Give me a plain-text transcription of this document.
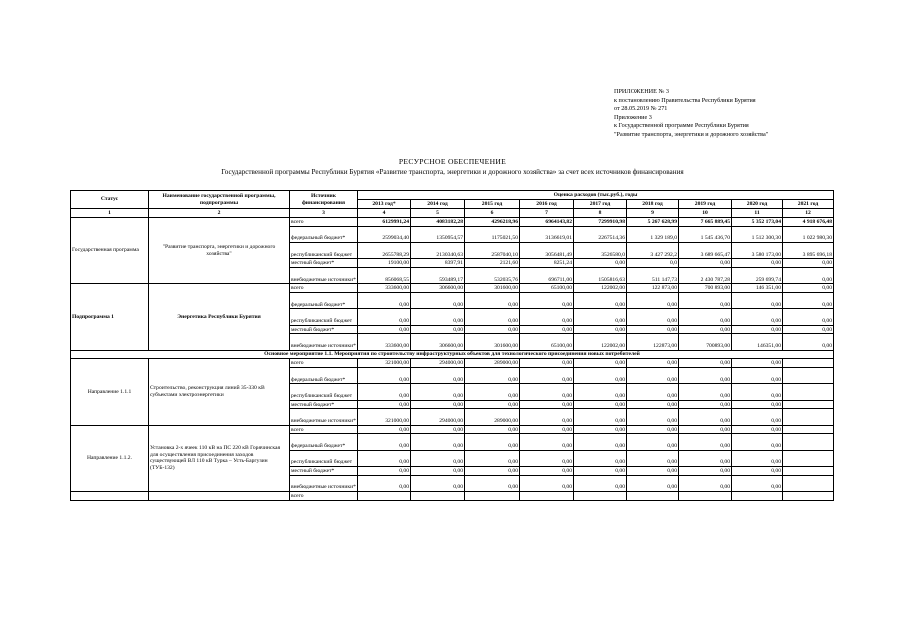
ПРИЛОЖЕНИЕ № 3
к постановлению Правительства Республики Бурятия
от 28.05.2019 № 271
Приложение 3
к Государственной программе Республики Бурятия
"Развитие транспорта, энергетики и дорожного хозяйства"
РЕСУРСНОЕ ОБЕСПЕЧЕНИЕ
Государственной программы Республики Бурятия «Развитие транспорта, энергетики и дорожного хозяйства» за счет всех источников финансирования
Статус	Наименование государственной программы, подпрограммы	Источник финансирования	Оценка расходов (тыс.руб.), годы								
			2013 год*	2014 год	2015 год	2016 год	2017 год	2018 год	2019 год	2020 год	2021 год
1	2	3	4	5	6	7	8	9	10	11	12
Государственная программа	"Развитие транспорта, энергетики и дорожного хозяйства"	всего	6129991,24	4083182,28	4296218,96	6964143,82	7299910,98	5 267 628,99	7 665 889,45	5 352 173,04	4 918 676,48
		федеральный бюджет*	2599034,40	1350954,57	1175021,50	3136619,01	2267514,36	1 329 189,0	1 545 436,70	1 512 300,30	1 022 980,30
		республиканский бюджет	2655788,29	2130340,63	2587040,10	3056481,49	3526580,0	3 427 292,2	3 689 665,47	3 580 173,00	3 895 696,18
		местный бюджет*	19100,00	8397,91	2121,60	8251,24	0,00	0,0	0,00	0,00	0,00
		внебюджетные источники*	856068,55	593489,17	532035,76	696711,00	1505816,63	511 147,73	2 430 787,28	259 699,74	0,00
Подпрограмма 1	Энергетика Республики Бурятия	всего	333600,00	306600,00	301600,00	65100,00	122002,00	122 873,00	700 893,00	146 351,00	0,00
		федеральный бюджет*	0,00	0,00	0,00	0,00	0,00	0,00	0,00	0,00	0,00
		республиканский бюджет	0,00	0,00	0,00	0,00	0,00	0,00	0,00	0,00	0,00
		местный бюджет*	0,00	0,00	0,00	0,00	0,00	0,00	0,00	0,00	0,00
		внебюджетные источники*	333600,00	306600,00	301600,00	65100,00	122002,00	122873,00	700893,00	146351,00	0,00
Основное мероприятие 1.1. Мероприятия по строительству инфраструктурных объектов для технологического присоединения новых потребителей											
Направление 1.1.1	Строительство, реконструкция линий 35-330 кВ субъектами электроэнергетики	всего	321000,00	294000,00	289000,00	0,00	0,00	0,00	0,00	0,00	
		федеральный бюджет*	0,00	0,00	0,00	0,00	0,00	0,00	0,00	0,00	
		республиканский бюджет	0,00	0,00	0,00	0,00	0,00	0,00	0,00	0,00	
		местный бюджет*	0,00	0,00	0,00	0,00	0,00	0,00	0,00	0,00	
		внебюджетные источники*	321000,00	294000,00	289000,00	0,00	0,00	0,00	0,00	0,00	
Направление 1.1.2.	Установка 2-х ячеек 110 кВ на ПС 220 кВ Горячинская для осуществления присоединения заходов существующей ВЛ 110 кВ Турка – Усть-Баргузин (ТУБ-132)	всего	0,00	0,00	0,00	0,00	0,00	0,00	0,00	0,00	
		федеральный бюджет*	0,00	0,00	0,00	0,00	0,00	0,00	0,00	0,00	
		республиканский бюджет	0,00	0,00	0,00	0,00	0,00	0,00	0,00	0,00	
		местный бюджет*	0,00	0,00	0,00	0,00	0,00	0,00	0,00	0,00	
		внебюджетные источники*	0,00	0,00	0,00	0,00	0,00	0,00	0,00	0,00	
		всего									
